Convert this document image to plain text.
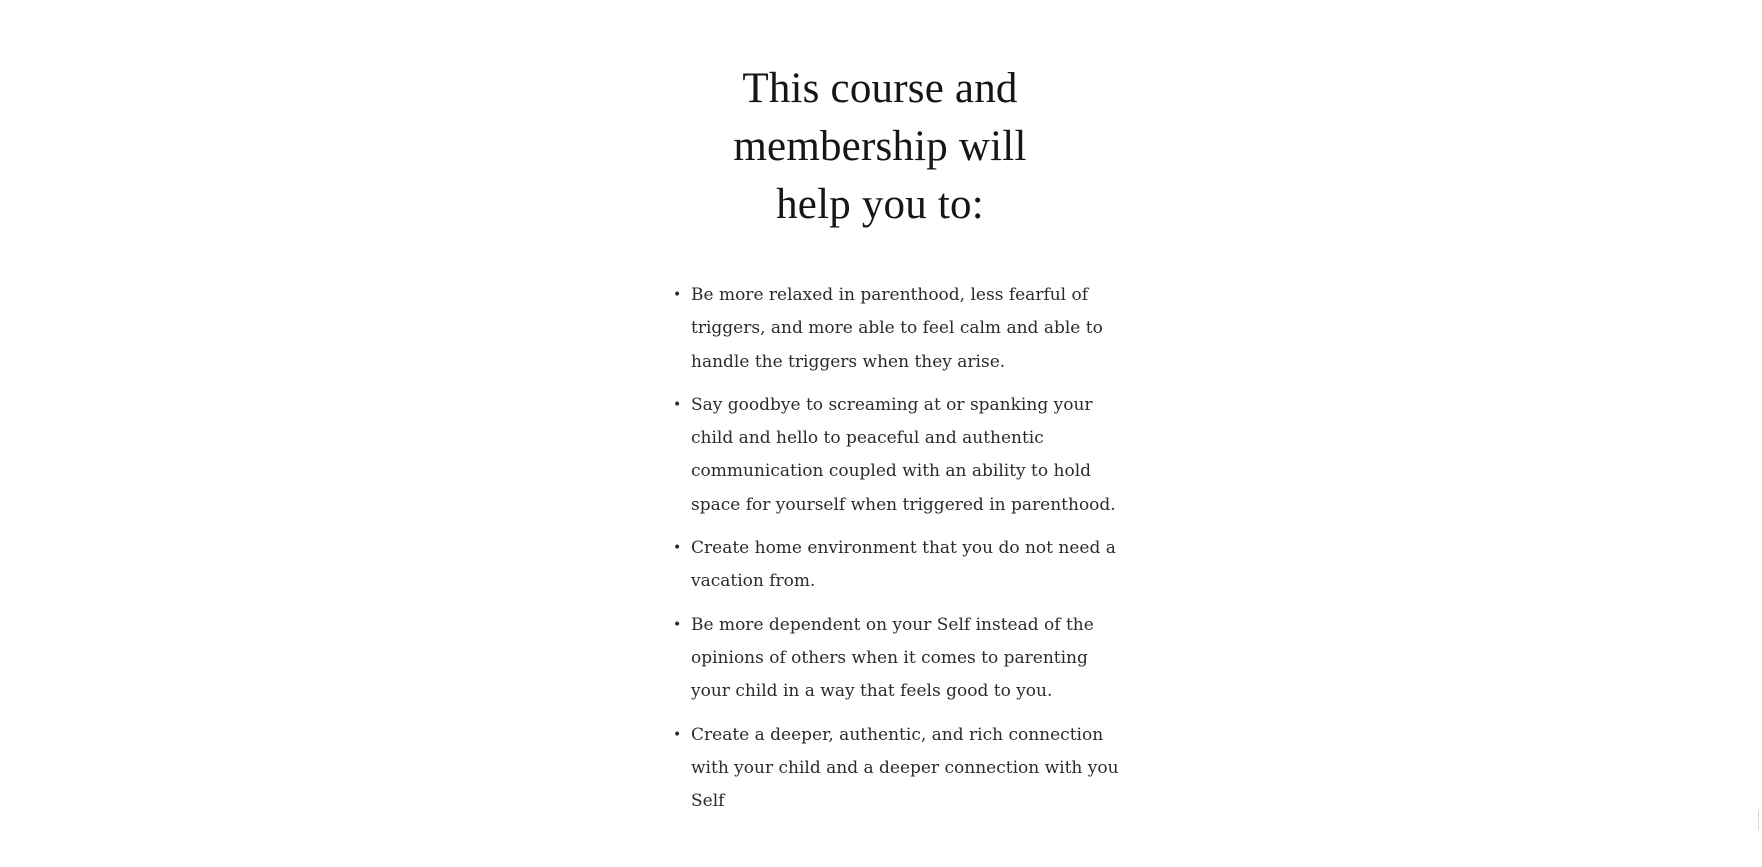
This course and
membership will
help you to:
• Be more relaxed in parenthood, less fearful of
triggers, and more able to feel calm and able to
handle the triggers when they arise.
• Say goodbye to screaming at or spanking your
child and hello to peaceful and authentic
communication coupled with an ability to hold
space for yourself when triggered in parenthood.
• Create home environment that you do not need a
vacation from.
• Be more dependent on your Self instead of the
opinions of others when it comes to parenting
your child in a way that feels good to you.
• Create a deeper, authentic, and rich connection
with your child and a deeper connection with you
Self
